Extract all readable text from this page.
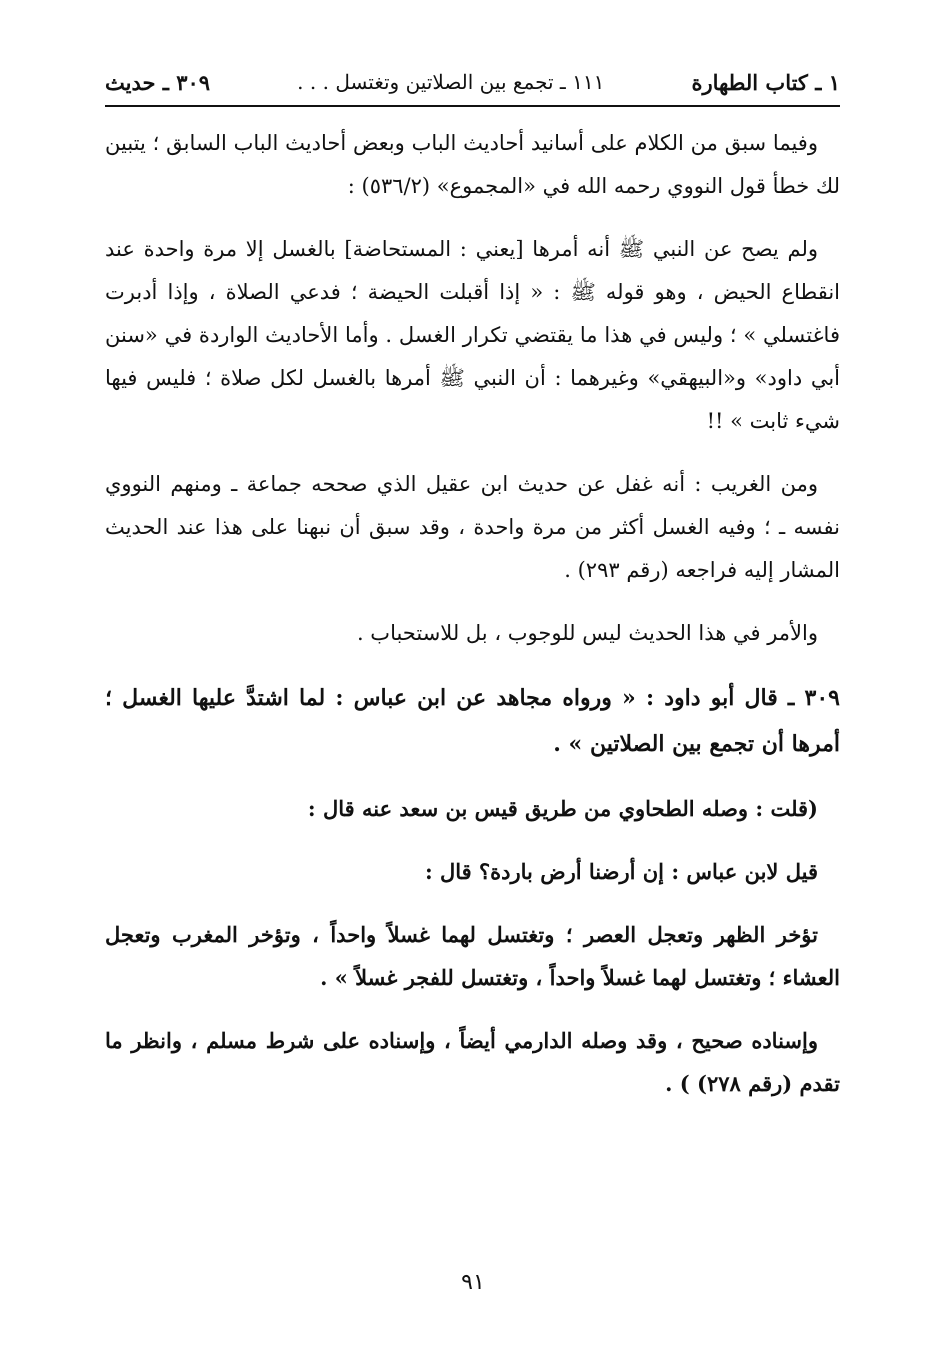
١ ـ كتاب الطهارة
١١١ ـ تجمع بين الصلاتين وتغتسل . . .
٣٠٩ ـ حديث

وفيما سبق من الكلام على أسانيد أحاديث الباب وبعض أحاديث الباب السابق ؛ يتبين لك خطأ قول النووي رحمه الله في «المجموع» (٥٣٦/٢) :

ولم يصح عن النبي ﷺ أنه أمرها [يعني : المستحاضة] بالغسل إلا مرة واحدة عند انقطاع الحيض ، وهو قوله ﷺ : « إذا أقبلت الحيضة ؛ فدعي الصلاة ، وإذا أدبرت فاغتسلي » ؛ وليس في هذا ما يقتضي تكرار الغسل . وأما الأحاديث الواردة في «سنن أبي داود» و«البيهقي» وغيرهما : أن النبي ﷺ أمرها بالغسل لكل صلاة ؛ فليس فيها شيء ثابت » !!

ومن الغريب : أنه غفل عن حديث ابن عقيل الذي صححه جماعة ـ ومنهم النووي نفسه ـ ؛ وفيه الغسل أكثر من مرة واحدة ، وقد سبق أن نبهنا على هذا عند الحديث المشار إليه فراجعه (رقم ٢٩٣) .

والأمر في هذا الحديث ليس للوجوب ، بل للاستحباب .

٣٠٩ ـ قال أبو داود : « ورواه مجاهد عن ابن عباس : لما اشتدَّ عليها الغسل ؛ أمرها أن تجمع بين الصلاتين » .

(قلت : وصله الطحاوي من طريق قيس بن سعد عنه قال :

قيل لابن عباس : إن أرضنا أرض باردة؟ قال :

تؤخر الظهر وتعجل العصر ؛ وتغتسل لهما غسلاً واحداً ، وتؤخر المغرب وتعجل العشاء ؛ وتغتسل لهما غسلاً واحداً ، وتغتسل للفجر غسلاً » .

وإسناده صحيح ، وقد وصله الدارمي أيضاً ، وإسناده على شرط مسلم ، وانظر ما تقدم (رقم ٢٧٨) ) .

٩١
